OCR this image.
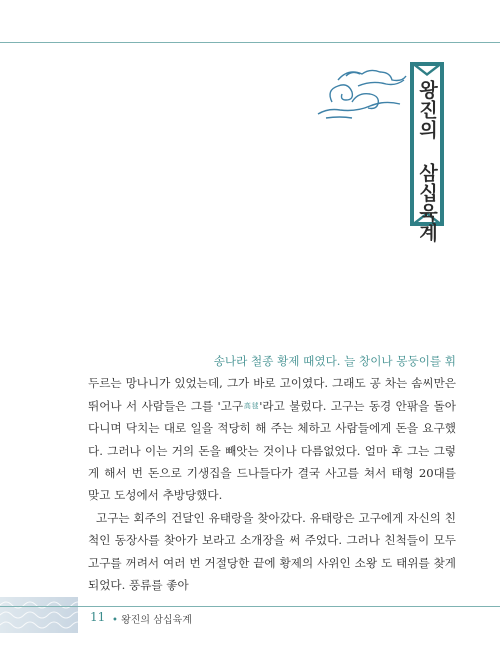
왕진의 삼십육계
송나라 철종 황제 때였다. 늘 창이나 몽둥이를 휘

두르는 망나니가 있었는데, 그가 바로 고이였다. 그래도 공 차는 솜씨만은 뛰어나 서 사람들은 그를 '고구$^{高毬}$'라고 불렀다. 고구는 동경 안팎을 돌아다니며 닥치는 대로 일을 적당히 해 주는 체하고 사람들에게 돈을 요구했다. 그러나 이는 거의 돈을 빼앗는 것이나 다름없었다. 얼마 후 그는 그렇게 해서 번 돈으로 기생집을 드나들다가 결국 사고를 쳐서 태형 20대를 맞고 도성에서 추방당했다.

고구는 회주의 건달인 유태랑을 찾아갔다. 유태랑은 고구에게 자신의 친척인 동장사를 찾아가 보라고 소개장을 써 주었다. 그러나 친척들이 모두 고구를 꺼려서 여러 번 거절당한 끝에 황제의 사위인 소왕 도 태위를 찾게 되었다. 풍류를 좋아

11 • 왕진의 삼십육계
